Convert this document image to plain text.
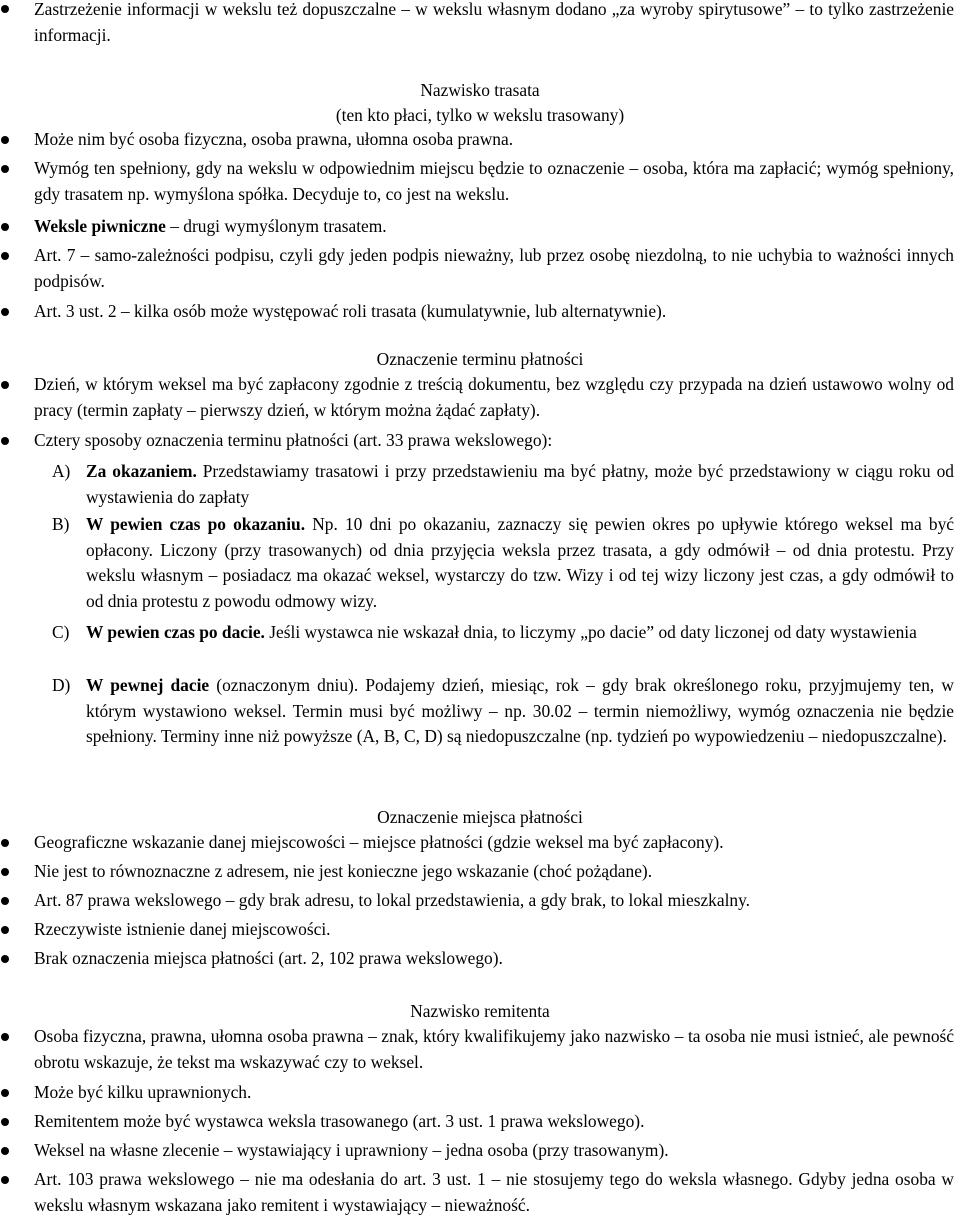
Zastrzeżenie informacji w wekslu też dopuszczalne – w wekslu własnym dodano „za wyroby spirytusowe” – to tylko zastrzeżenie informacji.
Nazwisko trasata
(ten kto płaci, tylko w wekslu trasowany)
Może nim być osoba fizyczna, osoba prawna, ułomna osoba prawna.
Wymóg ten spełniony, gdy na wekslu w odpowiednim miejscu będzie to oznaczenie – osoba, która ma zapłacić; wymóg spełniony, gdy trasatem np. wymyślona spółka. Decyduje to, co jest na wekslu.
Weksle piwniczne – drugi wymyślonym trasatem.
Art. 7 – samo-zależności podpisu, czyli gdy jeden podpis nieważny, lub przez osobę niezdolną, to nie uchybia to ważności innych podpisów.
Art. 3 ust. 2 – kilka osób może występować roli trasata (kumulatywnie, lub alternatywnie).
Oznaczenie terminu płatności
Dzień, w którym weksel ma być zapłacony zgodnie z treścią dokumentu, bez względu czy przypada na dzień ustawowo wolny od pracy (termin zapłaty – pierwszy dzień, w którym można żądać zapłaty).
Cztery sposoby oznaczenia terminu płatności (art. 33 prawa wekslowego):
A) Za okazaniem. Przedstawiamy trasatowi i przy przedstawieniu ma być płatny, może być przedstawiony w ciągu roku od wystawienia do zapłaty
B) W pewien czas po okazaniu. Np. 10 dni po okazaniu, zaznaczy się pewien okres po upływie którego weksel ma być opłacony. Liczony (przy trasowanych) od dnia przyjęcia weksla przez trasata, a gdy odmówił – od dnia protestu. Przy wekslu własnym – posiadacz ma okazać weksel, wystarczy do tzw. Wizy i od tej wizy liczony jest czas, a gdy odmówił to od dnia protestu z powodu odmowy wizy.
C) W pewien czas po dacie. Jeśli wystawca nie wskazał dnia, to liczymy „po dacie” od daty liczonej od daty wystawienia
D) W pewnej dacie (oznaczonym dniu). Podajemy dzień, miesiąc, rok – gdy brak określonego roku, przyjmujemy ten, w którym wystawiono weksel. Termin musi być możliwy – np. 30.02 – termin niemożliwy, wymóg oznaczenia nie będzie spełniony. Terminy inne niż powyższe (A, B, C, D) są niedopuszczalne (np. tydzień po wypowiedzeniu – niedopuszczalne).
Oznaczenie miejsca płatności
Geograficzne wskazanie danej miejscowości – miejsce płatności (gdzie weksel ma być zapłacony).
Nie jest to równoznaczne z adresem, nie jest konieczne jego wskazanie (choć pożądane).
Art. 87 prawa wekslowego – gdy brak adresu, to lokal przedstawienia, a gdy brak, to lokal mieszkalny.
Rzeczywiste istnienie danej miejscowości.
Brak oznaczenia miejsca płatności (art. 2, 102 prawa wekslowego).
Nazwisko remitenta
Osoba fizyczna, prawna, ułomna osoba prawna – znak, który kwalifikujemy jako nazwisko – ta osoba nie musi istnieć, ale pewność obrotu wskazuje, że tekst ma wskazywać czy to weksel.
Może być kilku uprawnionych.
Remitentem może być wystawca weksla trasowanego (art. 3 ust. 1 prawa wekslowego).
Weksel na własne zlecenie – wystawiający i uprawniony – jedna osoba (przy trasowanym).
Art. 103 prawa wekslowego – nie ma odesłania do art. 3 ust. 1 – nie stosujemy tego do weksla własnego. Gdyby jedna osoba w wekslu własnym wskazana jako remitent i wystawiający – nieważność.
